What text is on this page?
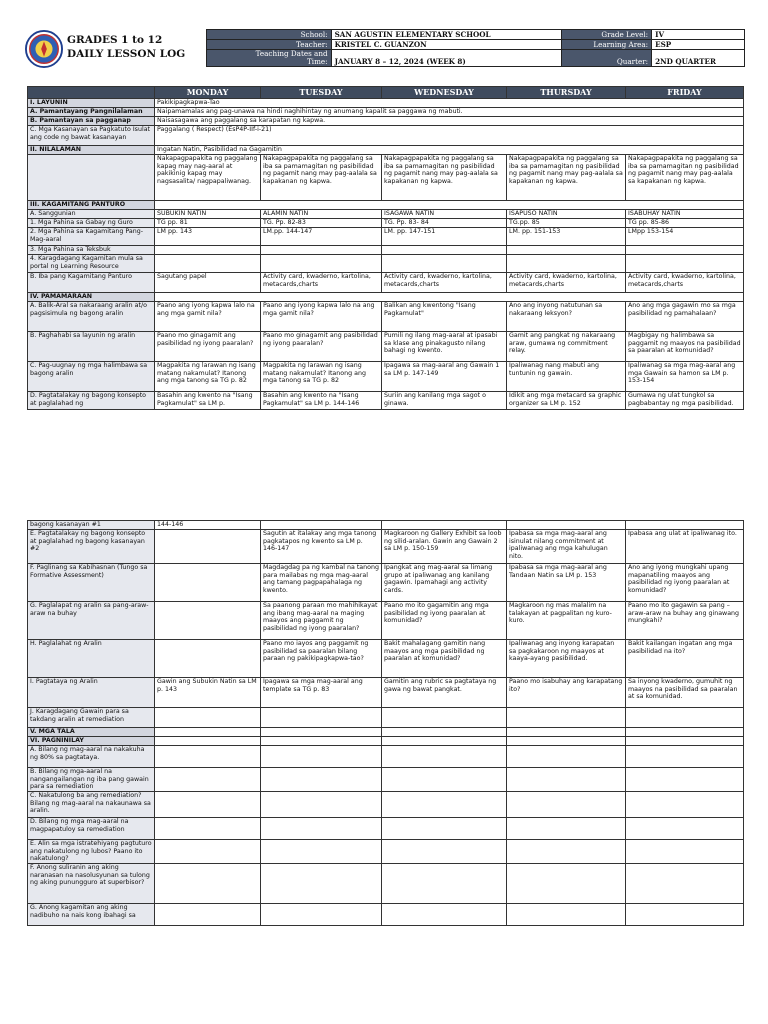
GRADES 1 to 12
DAILY LESSON LOG
School:	SAN AGUSTIN ELEMENTARY SCHOOL	Grade Level:	IV
Teacher:	KRISTEL C. GUANZON	Learning Area:	ESP

Teaching Dates and
Time:	JANUARY 8 – 12, 2024 (WEEK 8)	Quarter:	2ND QUARTER
	MONDAY	TUESDAY	WEDNESDAY	THURSDAY	FRIDAY
I. LAYUNIN	Pakikipagkapwa-Tao				
A. Pamantayang Pangnilalaman	Naipamamalas ang pag-unawa na hindi naghihintay ng anumang kapalit sa paggawa ng mabuti.				
B. Pamantayan sa pagganap	Naisasagawa ang paggalang sa karapatan ng kapwa.				
C. Mga Kasanayan sa Pagkatuto Isulat ang code ng bawat kasanayan	Paggalang ( Respect) (EsP4P-IIf-i-21)				
II. NILALAMAN	Ingatan Natin, Pasibilidad na Gagamitin				
	Nakapagpapakita ng paggalang kapag may nag-aaral at pakikinig kapag may nagsasalita/ nagpapaliwanag.	Nakapagpapakita ng paggalang sa iba sa pamamagitan ng pasibilidad ng pagamit nang may pag-aalala sa kapakanan ng kapwa.	Nakapagpapakita ng paggalang sa iba sa pamamagitan ng pasibilidad ng pagamit nang may pag-aalala sa kapakanan ng kapwa.	Nakapagpapakita ng paggalang sa iba sa pamamagitan ng pasibilidad ng pagamit nang may pag-aalala sa kapakanan ng kapwa.	Nakapagpapakita ng paggalang sa iba sa pamamagitan ng pasibilidad ng pagamit nang may pag-aalala sa kapakanan ng kapwa.
III. KAGAMITANG PANTURO					
A. Sanggunian	SUBUKIN NATIN	ALAMIN NATIN	ISAGAWA NATIN	ISAPUSO NATIN	ISABUHAY NATIN
1. Mga Pahina sa Gabay ng Guro	TG pp. 81	TG. Pp. 82-83	TG. Pp. 83- 84	TG.pp. 85	TG pp. 85-86
2. Mga Pahina sa Kagamitang Pang-Mag-aaral	LM pp. 143	LM.pp. 144-147	LM. pp. 147-151	LM. pp. 151-153	LMpp 153-154
3. Mga Pahina sa Teksbuk					
4. Karagdagang Kagamitan mula sa portal ng Learning Resource					
B. Iba pang Kagamitang Panturo	Sagutang papel	Activity card, kwaderno, kartolina, metacards,charts	Activity card, kwaderno, kartolina, metacards,charts	Activity card, kwaderno, kartolina, metacards,charts	Activity card, kwaderno, kartolina, metacards,charts
IV. PAMAMARAAN					
A. Balik-Aral sa nakaraang aralin at/o pagsisimula ng bagong aralin	Paano ang iyong kapwa lalo na ang mga gamit nila?	Paano ang iyong kapwa lalo na ang mga gamit nila?	Balikan ang kwentong "Isang Pagkamulat"	Ano ang inyong natutunan sa nakaraang leksyon?	Ano ang mga gagawin mo sa mga pasibilidad ng pamahalaan?
B. Paghahabi sa layunin ng aralin	Paano mo ginagamit ang pasibilidad ng iyong paaralan?	Paano mo ginagamit ang pasibilidad ng iyong paaralan?	Pumili ng ilang mag-aaral at ipasabi sa klase ang pinakagusto nilang bahagi ng kwento.	Gamit ang pangkat ng nakaraang araw, gumawa ng commitment relay.	Magbigay ng halimbawa sa paggamit ng maayos na pasibilidad sa paaralan at komunidad?
C. Pag-uugnay ng mga halimbawa sa bagong aralin	Magpakita ng larawan ng isang matang nakamulat? Itanong ang mga tanong sa TG p. 82	Magpakita ng larawan ng isang matang nakamulat? Itanong ang mga tanong sa TG p. 82	Ipagawa sa mag-aaral ang Gawain 1 sa LM p. 147-149	Ipaliwanag nang mabuti ang tuntunin ng gawain.	Ipaliwanag sa mga mag-aaral ang mga Gawain sa hamon sa LM p. 153-154
D. Pagtatalakay ng bagong konsepto at paglalahad ng	Basahin ang kwento na "Isang Pagkamulat" sa LM p.	Basahin ang kwento na "Isang Pagkamulat" sa LM p. 144-146	Suriin ang kanilang mga sagot o ginawa.	Idikit ang mga metacard sa graphic organizer sa LM p. 152	Gumawa ng ulat tungkol sa pagbabantay ng mga pasibilidad.
bagong kasanayan #1	144-146				
E. Pagtatalakay ng bagong konsepto at paglalahad ng bagong kasanayan #2		Sagutin at italakay ang mga tanong pagkatapos ng kwento sa LM p. 146-147	Magkaroon ng Gallery Exhibit sa loob ng silid-aralan. Gawin ang Gawain 2 sa LM p. 150-159	Ipabasa sa mga mag-aaral ang isinulat nilang commitment at ipaliwanag ang mga kahulugan nito.	Ipabasa ang ulat at ipaliwanag ito.
F. Paglinang sa Kabihasnan (Tungo sa Formative Assessment)		Magdagdag pa ng kambal na tanong para mailabas ng mga mag-aaral ang tamang pagpapahalaga ng kwento.	Ipangkat ang mag-aaral sa limang grupo at ipaliwanag ang kanilang gagawin. Ipamahagi ang activity cards.	Ipabasa sa mga mag-aaral ang Tandaan Natin sa LM p. 153	Ano ang iyong mungkahi upang mapanatiling maayos ang pasibilidad ng iyong paaralan at komunidad?
G. Paglalapat ng aralin sa pang-araw- araw na buhay		Sa paanong paraan mo mahihikayat ang ibang mag-aaral na maging maayos ang paggamit ng pasibilidad ng iyong paaralan?	Paano mo ito gagamitin ang mga pasibilidad ng iyong paaralan at komunidad?	Magkaroon ng mas malalim na talakayan at pagpalitan ng kuro-kuro.	Paano mo ito gagawin sa pang –araw-araw na buhay ang ginawang mungkahi?
H. Paglalahat ng Aralin		Paano mo iayos ang paggamit ng pasibilidad sa paaralan bilang paraan ng pakikipagkapwa-tao?	Bakit mahalagang gamitin nang maayos ang mga pasibilidad ng paaralan at komunidad?	Ipaliwanag ang inyong karapatan sa pagkakaroon ng maayos at kaaya-ayang pasibilidad.	Bakit kailangan ingatan ang mga pasibilidad na ito?
I. Pagtataya ng Aralin	Gawin ang Subukin Natin sa LM p. 143	Ipagawa sa mga mag-aaral ang template sa TG p. 83	Gamitin ang rubric sa pagtataya ng gawa ng bawat pangkat.	Paano mo isabuhay ang karapatang ito?	Sa inyong kwaderno, gumuhit ng maayos na pasibilidad sa paaralan at sa komunidad.
J. Karagdagang Gawain para sa takdang aralin at remediation					
V. MGA TALA					
VI. PAGNINILAY					
A. Bilang ng mag-aaral na nakakuha ng 80% sa pagtataya.					
B. Bilang ng mga-aaral na nangangailangan ng iba pang gawain para sa remediation					
C. Nakatulong ba ang remediation? Bilang ng mag-aaral na nakaunawa sa aralin.					
D. Bilang ng mga mag-aaral na magpapatuloy sa remediation					
E. Alin sa mga istratehiyang pagtuturo ang nakatulong ng lubos? Paano ito nakatulong?					
F. Anong suliranin ang aking naranasan na nasolusyunan sa tulong ng aking punungguro at superbisor?					
G. Anong kagamitan ang aking nadibuho na nais kong ibahagi sa					
